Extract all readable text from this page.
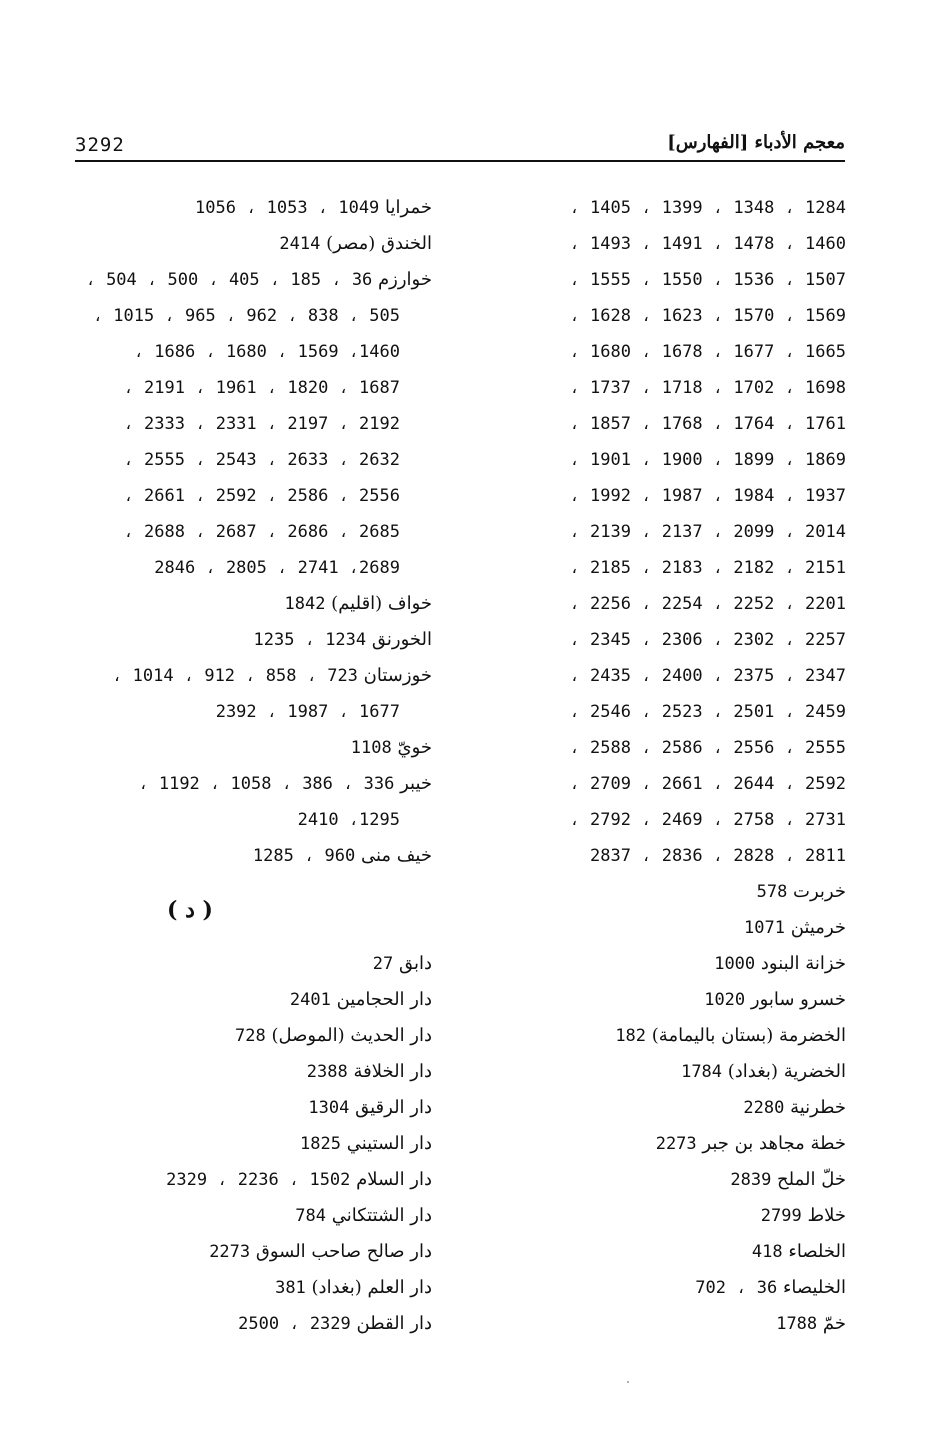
3292	معجم الأدباء [الفهارس]
1284 ، 1348 ، 1399 ، 1405 ،
1460 ، 1478 ، 1491 ، 1493 ،
1507 ، 1536 ، 1550 ، 1555 ،
1569 ، 1570 ، 1623 ، 1628 ،
1665 ، 1677 ، 1678 ، 1680 ،
1698 ، 1702 ، 1718 ، 1737 ،
1761 ، 1764 ، 1768 ، 1857 ،
1869 ، 1899 ، 1900 ، 1901 ،
1937 ، 1984 ، 1987 ، 1992 ،
2014 ، 2099 ، 2137 ، 2139 ،
2151 ، 2182 ، 2183 ، 2185 ،
2201 ، 2252 ، 2254 ، 2256 ،
2257 ، 2302 ، 2306 ، 2345 ،
2347 ، 2375 ، 2400 ، 2435 ،
2459 ، 2501 ، 2523 ، 2546 ،
2555 ، 2556 ، 2586 ، 2588 ،
2592 ، 2644 ، 2661 ، 2709 ،
2731 ، 2758 ، 2469 ، 2792 ،
2811 ، 2828 ، 2836 ، 2837
خربرت 578
خرميثن 1071
خزانة البنود 1000
خسرو سابور 1020
الخضرمة (بستان باليمامة) 182
الخضرية (بغداد) 1784
خطرنية 2280
خطة مجاهد بن جبر 2273
خلّ الملح 2839
خلاط 2799
الخلصاء 418
الخليصاء 36 ، 702
خمّ 1788
خمرايا 1049 ، 1053 ، 1056
الخندق (مصر) 2414
خوارزم 36 ، 185 ، 405 ، 500 ، 504 ،
505 ، 838 ، 962 ، 965 ، 1015 ،
1460، 1569 ، 1680 ، 1686 ،
1687 ، 1820 ، 1961 ، 2191 ،
2192 ، 2197 ، 2331 ، 2333 ،
2632 ، 2633 ، 2543 ، 2555 ،
2556 ، 2586 ، 2592 ، 2661 ،
2685 ، 2686 ، 2687 ، 2688 ،
2689، 2741 ، 2805 ، 2846
خواف (اقليم) 1842
الخورنق 1234 ، 1235
خوزستان 723 ، 858 ، 912 ، 1014 ،
1677 ، 1987 ، 2392
خويّ 1108
خيبر 336 ، 386 ، 1058 ، 1192 ،
1295، 2410
خيف منى 960 ، 1285
( د )
دابق 27
دار الحجامين 2401
دار الحديث (الموصل) 728
دار الخلافة 2388
دار الرقيق 1304
دار الستيني 1825
دار السلام 1502 ، 2236 ، 2329
دار الشتتكاني 784
دار صالح صاحب السوق 2273
دار العلم (بغداد) 381
دار القطن 2329 ، 2500
